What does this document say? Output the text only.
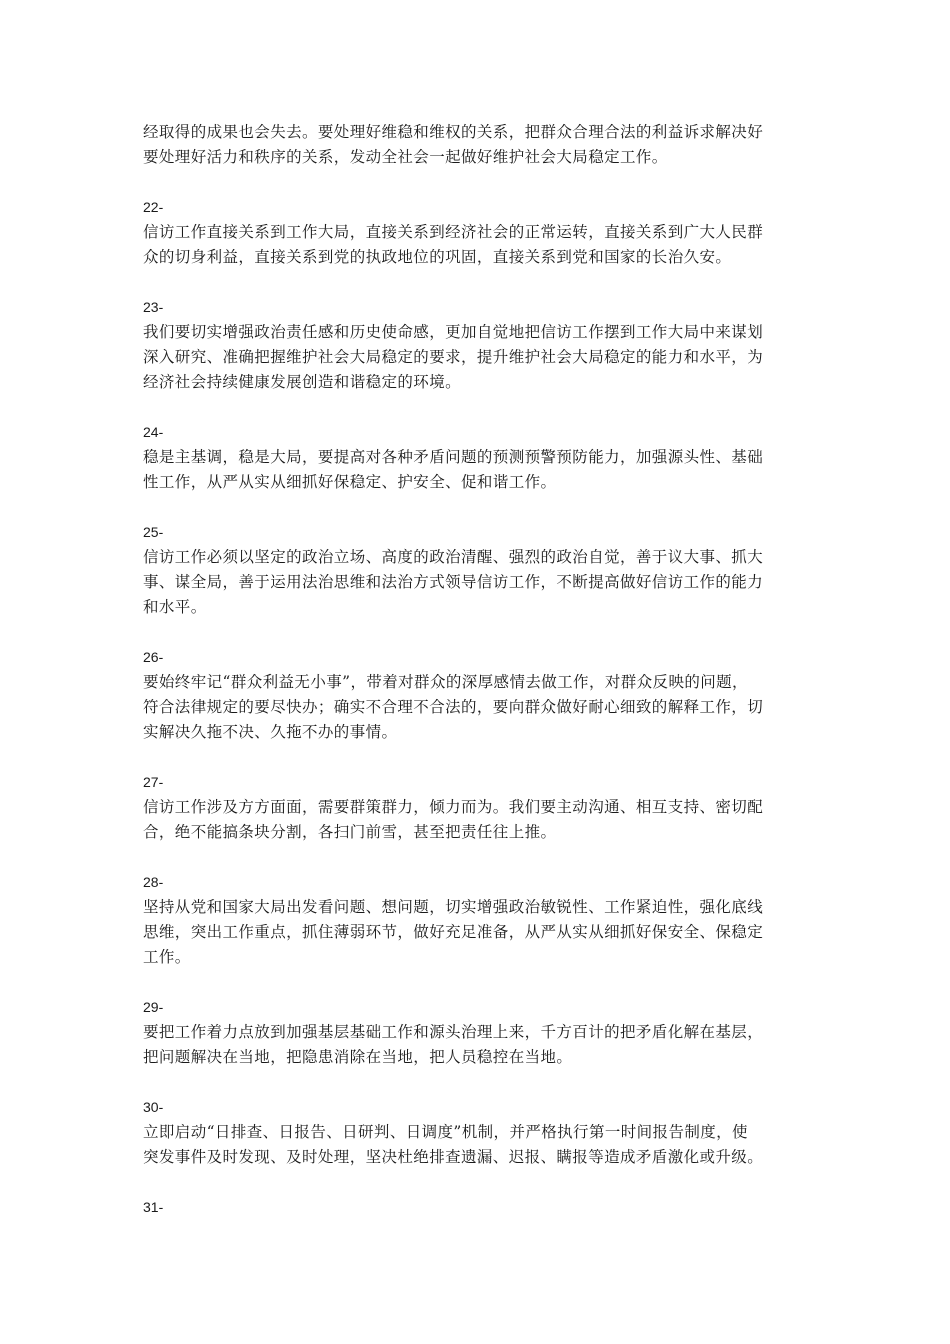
经取得的成果也会失去。要处理好维稳和维权的关系，把群众合理合法的利益诉求解决好
要处理好活力和秩序的关系，发动全社会一起做好维护社会大局稳定工作。

22-

信访工作直接关系到工作大局，直接关系到经济社会的正常运转，直接关系到广大人民群
众的切身利益，直接关系到党的执政地位的巩固，直接关系到党和国家的长治久安。

23-

我们要切实增强政治责任感和历史使命感，更加自觉地把信访工作摆到工作大局中来谋划
深入研究、准确把握维护社会大局稳定的要求，提升维护社会大局稳定的能力和水平，为
经济社会持续健康发展创造和谐稳定的环境。

24-

稳是主基调，稳是大局，要提高对各种矛盾问题的预测预警预防能力，加强源头性、基础
性工作，从严从实从细抓好保稳定、护安全、促和谐工作。

25-

信访工作必须以坚定的政治立场、高度的政治清醒、强烈的政治自觉，善于议大事、抓大
事、谋全局，善于运用法治思维和法治方式领导信访工作，不断提高做好信访工作的能力
和水平。

26-

要始终牢记“群众利益无小事”，带着对群众的深厚感情去做工作，对群众反映的问题，
符合法律规定的要尽快办；确实不合理不合法的，要向群众做好耐心细致的解释工作，切
实解决久拖不决、久拖不办的事情。

27-

信访工作涉及方方面面，需要群策群力，倾力而为。我们要主动沟通、相互支持、密切配
合，绝不能搞条块分割，各扫门前雪，甚至把责任往上推。

28-

坚持从党和国家大局出发看问题、想问题，切实增强政治敏锐性、工作紧迫性，强化底线
思维，突出工作重点，抓住薄弱环节，做好充足准备，从严从实从细抓好保安全、保稳定
工作。

29-

要把工作着力点放到加强基层基础工作和源头治理上来，千方百计的把矛盾化解在基层，
把问题解决在当地，把隐患消除在当地，把人员稳控在当地。

30-

立即启动“日排查、日报告、日研判、日调度”机制，并严格执行第一时间报告制度，使
突发事件及时发现、及时处理，坚决杜绝排查遗漏、迟报、瞒报等造成矛盾激化或升级。

31-
